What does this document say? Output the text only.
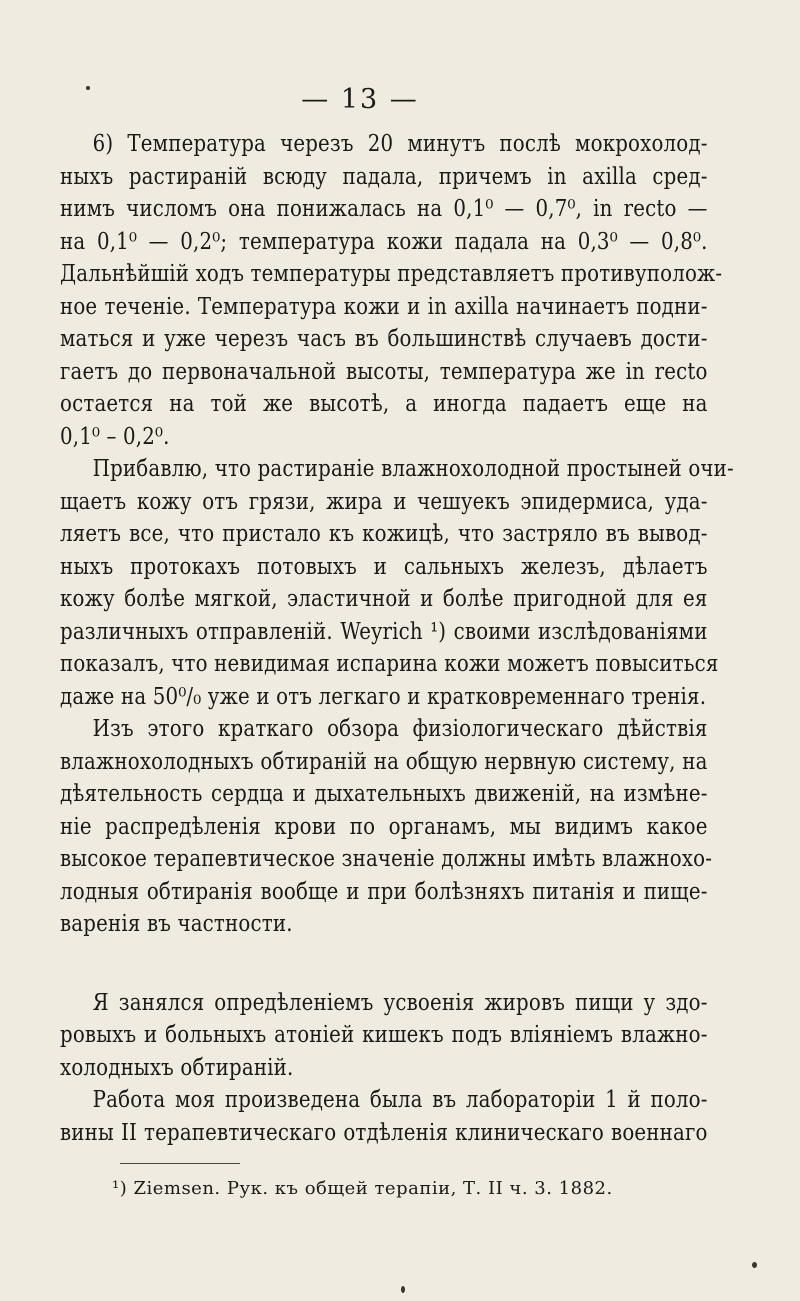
— 13 —
6) Температура черезъ 20 минутъ послѣ мокрохолод-
ныхъ растираній всюду падала, причемъ in axilla сред-
нимъ числомъ она понижалась на 0,1⁰ — 0,7⁰, in recto —
на 0,1⁰ — 0,2⁰; температура кожи падала на 0,3⁰ — 0,8⁰.
Дальнѣйшій ходъ температуры представляетъ противуполож-
ное теченіе. Температура кожи и in axilla начинаетъ подни-
маться и уже черезъ часъ въ большинствѣ случаевъ дости-
гаетъ до первоначальной высоты, температура же in recto
остается на той же высотѣ, а иногда падаетъ еще на
0,1⁰ – 0,2⁰.
Прибавлю, что растираніе влажнохолодной простыней очи-
щаетъ кожу отъ грязи, жира и чешуекъ эпидермиса, уда-
ляетъ все, что пристало къ кожицѣ, что застряло въ вывод-
ныхъ протокахъ потовыхъ и сальныхъ железъ, дѣлаетъ
кожу болѣе мягкой, эластичной и болѣе пригодной для ея
различныхъ отправленій. Weyrich ¹) своими изслѣдованіями
показалъ, что невидимая испарина кожи можетъ повыситься
даже на 50⁰/₀ уже и отъ легкаго и кратковременнаго тренія.
Изъ этого краткаго обзора физіологическаго дѣйствія
влажнохолодныхъ обтираній на общую нервную систему, на
дѣятельность сердца и дыхательныхъ движеній, на измѣне-
ніе распредѣленія крови по органамъ, мы видимъ какое
высокое терапевтическое значеніе должны имѣть влажнохо-
лодныя обтиранія вообще и при болѣзняхъ питанія и пище-
варенія въ частности.
Я занялся опредѣленіемъ усвоенія жировъ пищи у здо-
ровыхъ и больныхъ атоніей кишекъ подъ вліяніемъ влажно-
холодныхъ обтираній.
Работа моя произведена была въ лабораторіи 1 й поло-
вины II терапевтическаго отдѣленія клиническаго военнаго
¹) Ziemsen. Рук. къ общей терапіи, Т. II ч. 3. 1882.
